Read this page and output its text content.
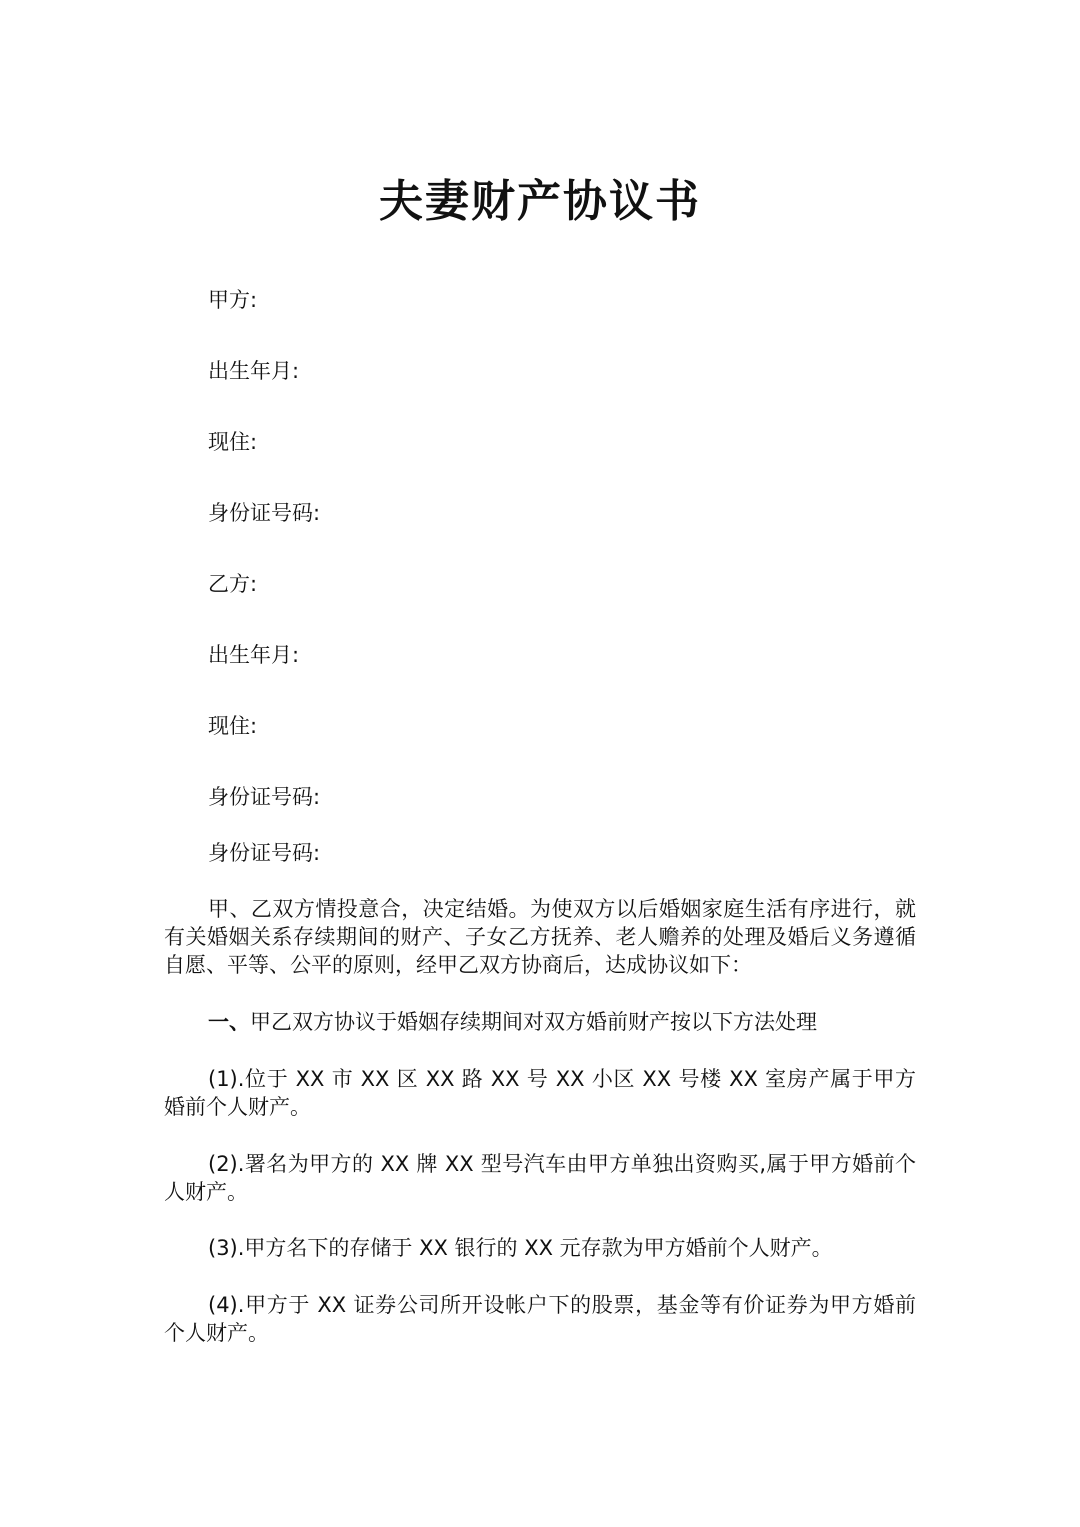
夫妻财产协议书

甲方:

出生年月:

现住:

身份证号码:

乙方:

出生年月:

现住:

身份证号码:

身份证号码:

甲、乙双方情投意合，决定结婚。为使双方以后婚姻家庭生活有序进行，就有关婚姻关系存续期间的财产、子女乙方抚养、老人赡养的处理及婚后义务遵循自愿、平等、公平的原则，经甲乙双方协商后，达成协议如下：

一、甲乙双方协议于婚姻存续期间对双方婚前财产按以下方法处理

(1).位于 XX 市 XX 区 XX 路 XX 号 XX 小区 XX 号楼 XX 室房产属于甲方婚前个人财产。

(2).署名为甲方的 XX 牌 XX 型号汽车由甲方单独出资购买,属于甲方婚前个人财产。

(3).甲方名下的存储于 XX 银行的 XX 元存款为甲方婚前个人财产。

(4).甲方于 XX 证券公司所开设帐户下的股票，基金等有价证券为甲方婚前个人财产。
